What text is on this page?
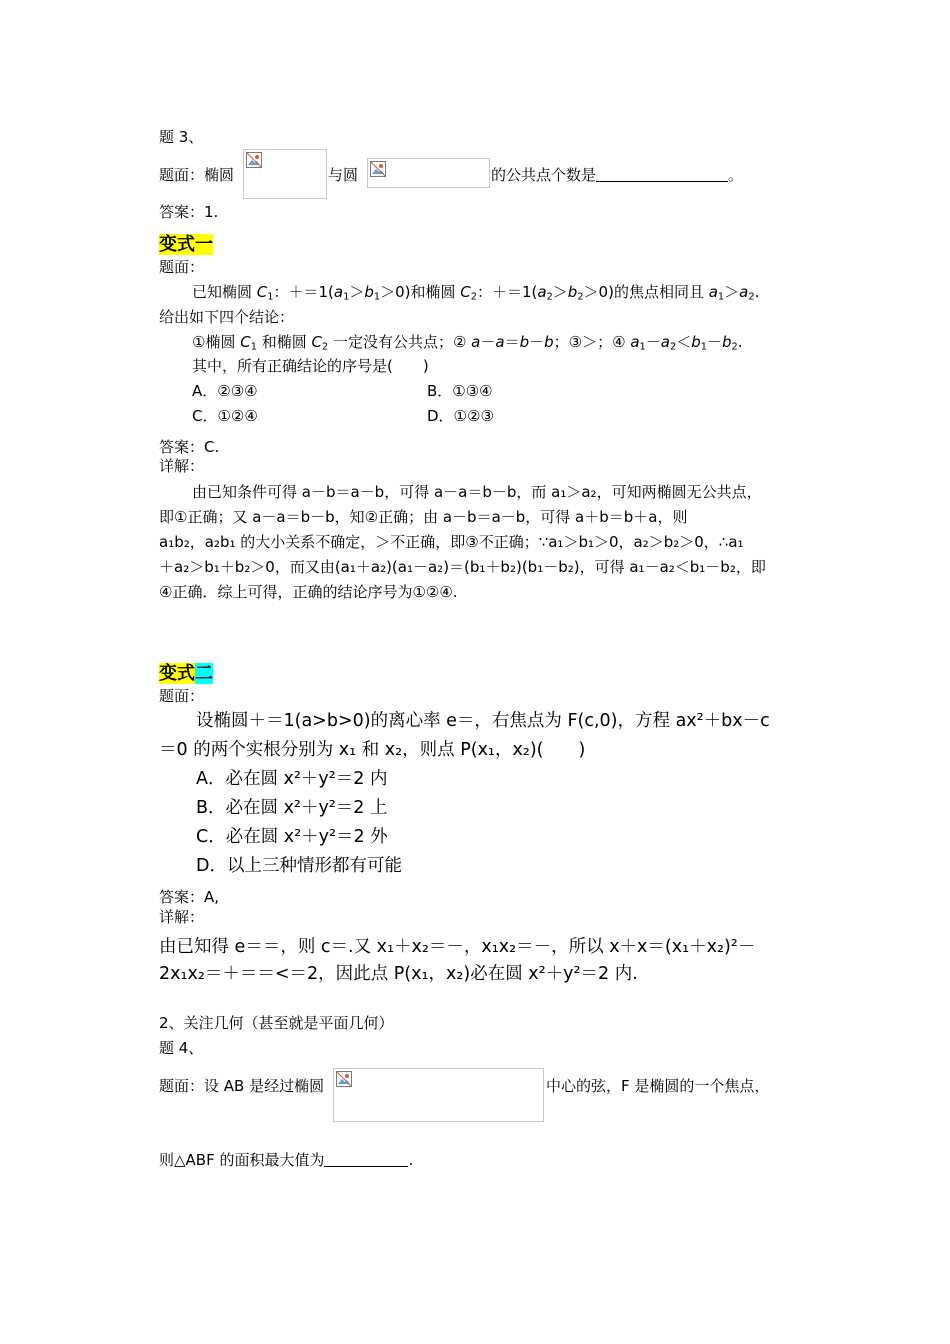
题 3、
题面：椭圆	与圆	的公共点个数是	。
答案：1.
变式一
题面：
已知椭圆 $C_1$：$+=1(a_1>b_1>0)$和椭圆 $C_2$：$+=1(a_2>b_2>0)$的焦点相同且 $a_1>a_2$.
给出如下四个结论：
①椭圆 $C_1$ 和椭圆 $C_2$ 一定没有公共点；② a－a＝b－b；③＞；④ $a_1-a_2<b_1-b_2$.
其中，所有正确结论的序号是(　　)
A．②③④	B．①③④
C．①②④	D．①②③
答案：C.
详解：
由已知条件可得 a－b＝a－b，可得 a－a＝b－b，而 a₁＞a₂，可知两椭圆无公共点，
即①正确；又 a－a＝b－b，知②正确；由 a－b＝a－b，可得 a＋b＝b＋a，则
a₁b₂，a₂b₁ 的大小关系不确定，＞不正确，即③不正确；∵a₁＞b₁＞0，a₂＞b₂＞0，∴a₁
＋a₂＞b₁＋b₂＞0，而又由(a₁＋a₂)(a₁－a₂)＝(b₁＋b₂)(b₁－b₂)，可得 a₁－a₂＜b₁－b₂，即
④正确．综上可得，正确的结论序号为①②④.
变式二
题面：
设椭圆＋＝1(a>b>0)的离心率 e＝，右焦点为 F(c,0)，方程 ax²＋bx－c
＝0 的两个实根分别为 x₁ 和 x₂，则点 P(x₁，x₂)(　　)
A．必在圆 x²＋y²＝2 内
B．必在圆 x²＋y²＝2 上
C．必在圆 x²＋y²＝2 外
D．以上三种情形都有可能
答案：A,
详解：
由已知得 e＝＝，则 c＝.又 x₁＋x₂＝－，x₁x₂＝－，所以 x＋x＝(x₁＋x₂)²－
2x₁x₂＝＋＝＝<＝2，因此点 P(x₁，x₂)必在圆 x²＋y²＝2 内.
2、关注几何（甚至就是平面几何）
题 4、
题面：设 AB 是经过椭圆	中心的弦，F 是椭圆的一个焦点，
则△ABF 的面积最大值为	.
